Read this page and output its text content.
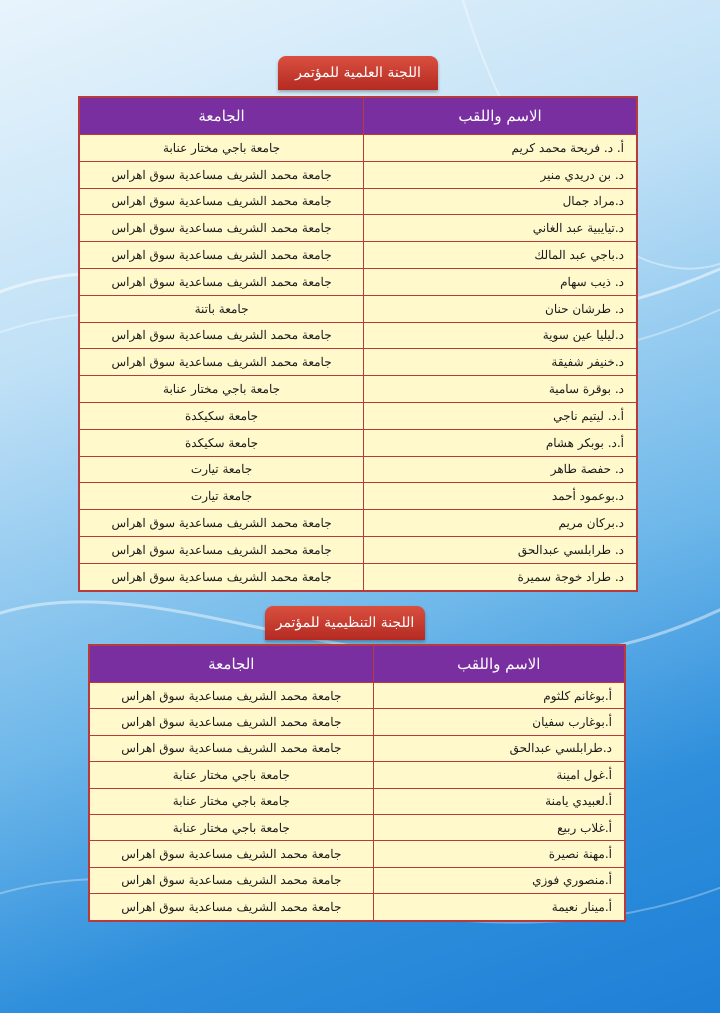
اللجنة العلمية للمؤتمر
الاسم واللقب	الجامعة
أ. د. فريحة محمد كريم	جامعة باجي مختار عنابة
د. بن دريدي منير	جامعة محمد الشريف مساعدية سوق اهراس
د.مراد جمال	جامعة محمد الشريف مساعدية سوق اهراس
د.تيايبية عبد الغاني	جامعة محمد الشريف مساعدية سوق اهراس
د.باجي عبد المالك	جامعة محمد الشريف مساعدية سوق اهراس
د. ذيب سهام	جامعة محمد الشريف مساعدية سوق اهراس
د. طرشان حنان	جامعة باتنة
د.ليليا عين سوية	جامعة محمد الشريف مساعدية سوق اهراس
د.خنيفر شفيقة	جامعة محمد الشريف مساعدية سوق اهراس
د. بوقرة سامية	جامعة باجي مختار عنابة
أ.د. ليتيم ناجي	جامعة سكيكدة
أ.د. بوبكر هشام	جامعة سكيكدة
د. حفصة طاهر	جامعة تيارت
د.بوعمود أحمد	جامعة تيارت
د.بركان مريم	جامعة محمد الشريف مساعدية سوق اهراس
د. طرابلسي عبدالحق	جامعة محمد الشريف مساعدية سوق اهراس
د. طراد خوجة سميرة	جامعة محمد الشريف مساعدية سوق اهراس
اللجنة التنظيمية للمؤتمر
الاسم واللقب	الجامعة
أ.بوغانم كلثوم	جامعة محمد الشريف مساعدية سوق اهراس
أ.بوغارب سفيان	جامعة محمد الشريف مساعدية سوق اهراس
د.طرابلسي عبدالحق	جامعة محمد الشريف مساعدية سوق اهراس
أ.غول امينة	جامعة باجي مختار عنابة
أ.لعبيدي يامنة	جامعة باجي مختار عنابة
أ.غلاب ربيع	جامعة باجي مختار عنابة
أ.مهنة نصيرة	جامعة محمد الشريف مساعدية سوق اهراس
أ.منصوري فوزي	جامعة محمد الشريف مساعدية سوق اهراس
أ.مينار نعيمة	جامعة محمد الشريف مساعدية سوق اهراس
